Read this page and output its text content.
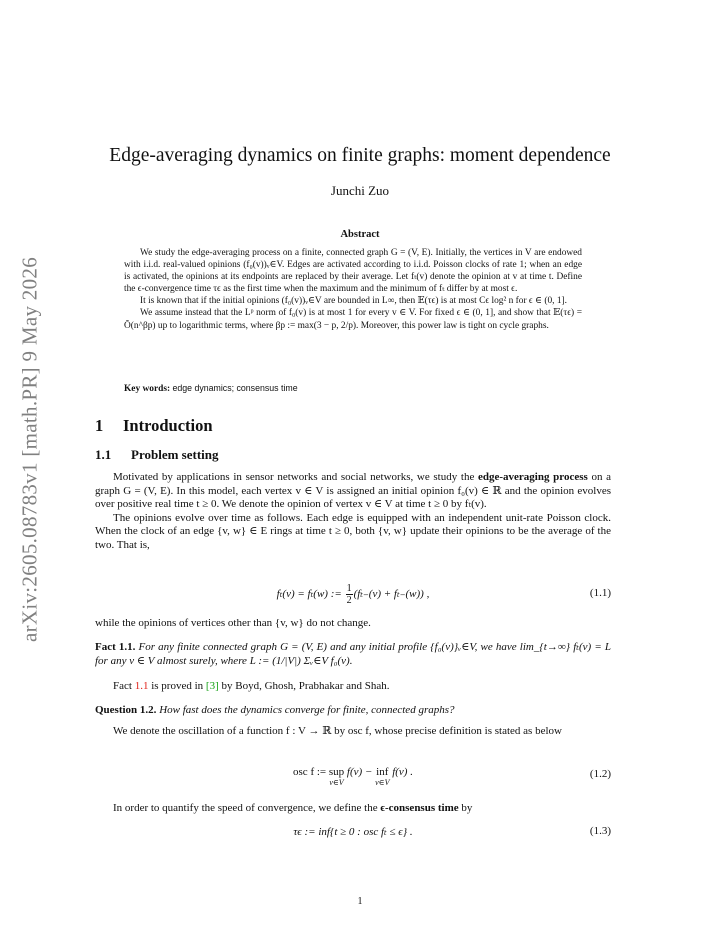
arXiv:2605.08783v1 [math.PR] 9 May 2026
Edge-averaging dynamics on finite graphs: moment dependence
Junchi Zuo
Abstract

We study the edge-averaging process on a finite, connected graph G = (V, E). Initially, the vertices in V are endowed with i.i.d. real-valued opinions (f₀(v))ᵥ∈V. Edges are activated according to i.i.d. Poisson clocks of rate 1; when an edge is activated, the opinions at its endpoints are replaced by their average. Let fₜ(v) denote the opinion at v at time t. Define the ϵ-convergence time τϵ as the first time when the maximum and the minimum of fₜ differ by at most ϵ.

It is known that if the initial opinions (f₀(v))ᵥ∈V are bounded in L∞, then 𝔼(τϵ) is at most Cϵ log² n for ϵ ∈ (0, 1].

We assume instead that the Lᵖ norm of f₀(v) is at most 1 for every v ∈ V. For fixed ϵ ∈ (0, 1], and show that 𝔼(τϵ) = Õ(n^βp) up to logarithmic terms, where βp := max(3 − p, 2/p). Moreover, this power law is tight on cycle graphs.

Key words: edge dynamics; consensus time
1 Introduction
1.1 Problem setting

Motivated by applications in sensor networks and social networks, we study the edge-averaging process on a graph G = (V, E). In this model, each vertex v ∈ V is assigned an initial opinion f₀(v) ∈ ℝ and the opinion evolves over positive real time t ≥ 0. We denote the opinion of vertex v ∈ V at time t ≥ 0 by fₜ(v).

The opinions evolve over time as follows. Each edge is equipped with an independent unit-rate Poisson clock. When the clock of an edge {v, w} ∈ E rings at time t ≥ 0, both {v, w} update their opinions to be the average of the two. That is,

fₜ(v) = fₜ(w) := $\frac{1}{2} (f_{t-}(v) + f_{t-}(w))$ ,	(1.1)
while the opinions of vertices other than {v, w} do not change.
Fact 1.1. For any finite connected graph G = (V, E) and any initial profile {f₀(v)}ᵥ∈V, we have lim_{t→∞} fₜ(v) = L for any v ∈ V almost surely, where L := (1/|V|) Σᵥ∈V f₀(v).
Fact 1.1 is proved in [3] by Boyd, Ghosh, Prabhakar and Shah.
Question 1.2. How fast does the dynamics converge for finite, connected graphs?

We denote the oscillation of a function f : V → ℝ by osc f, whose precise definition is stated as below

osc f := sup
v∈V
f(v) − inf
v∈V
f(v) .	(1.2)
In order to quantify the speed of convergence, we define the ϵ-consensus time by
τϵ := inf{t ≥ 0 : osc fₜ ≤ ϵ} .	(1.3)
1
